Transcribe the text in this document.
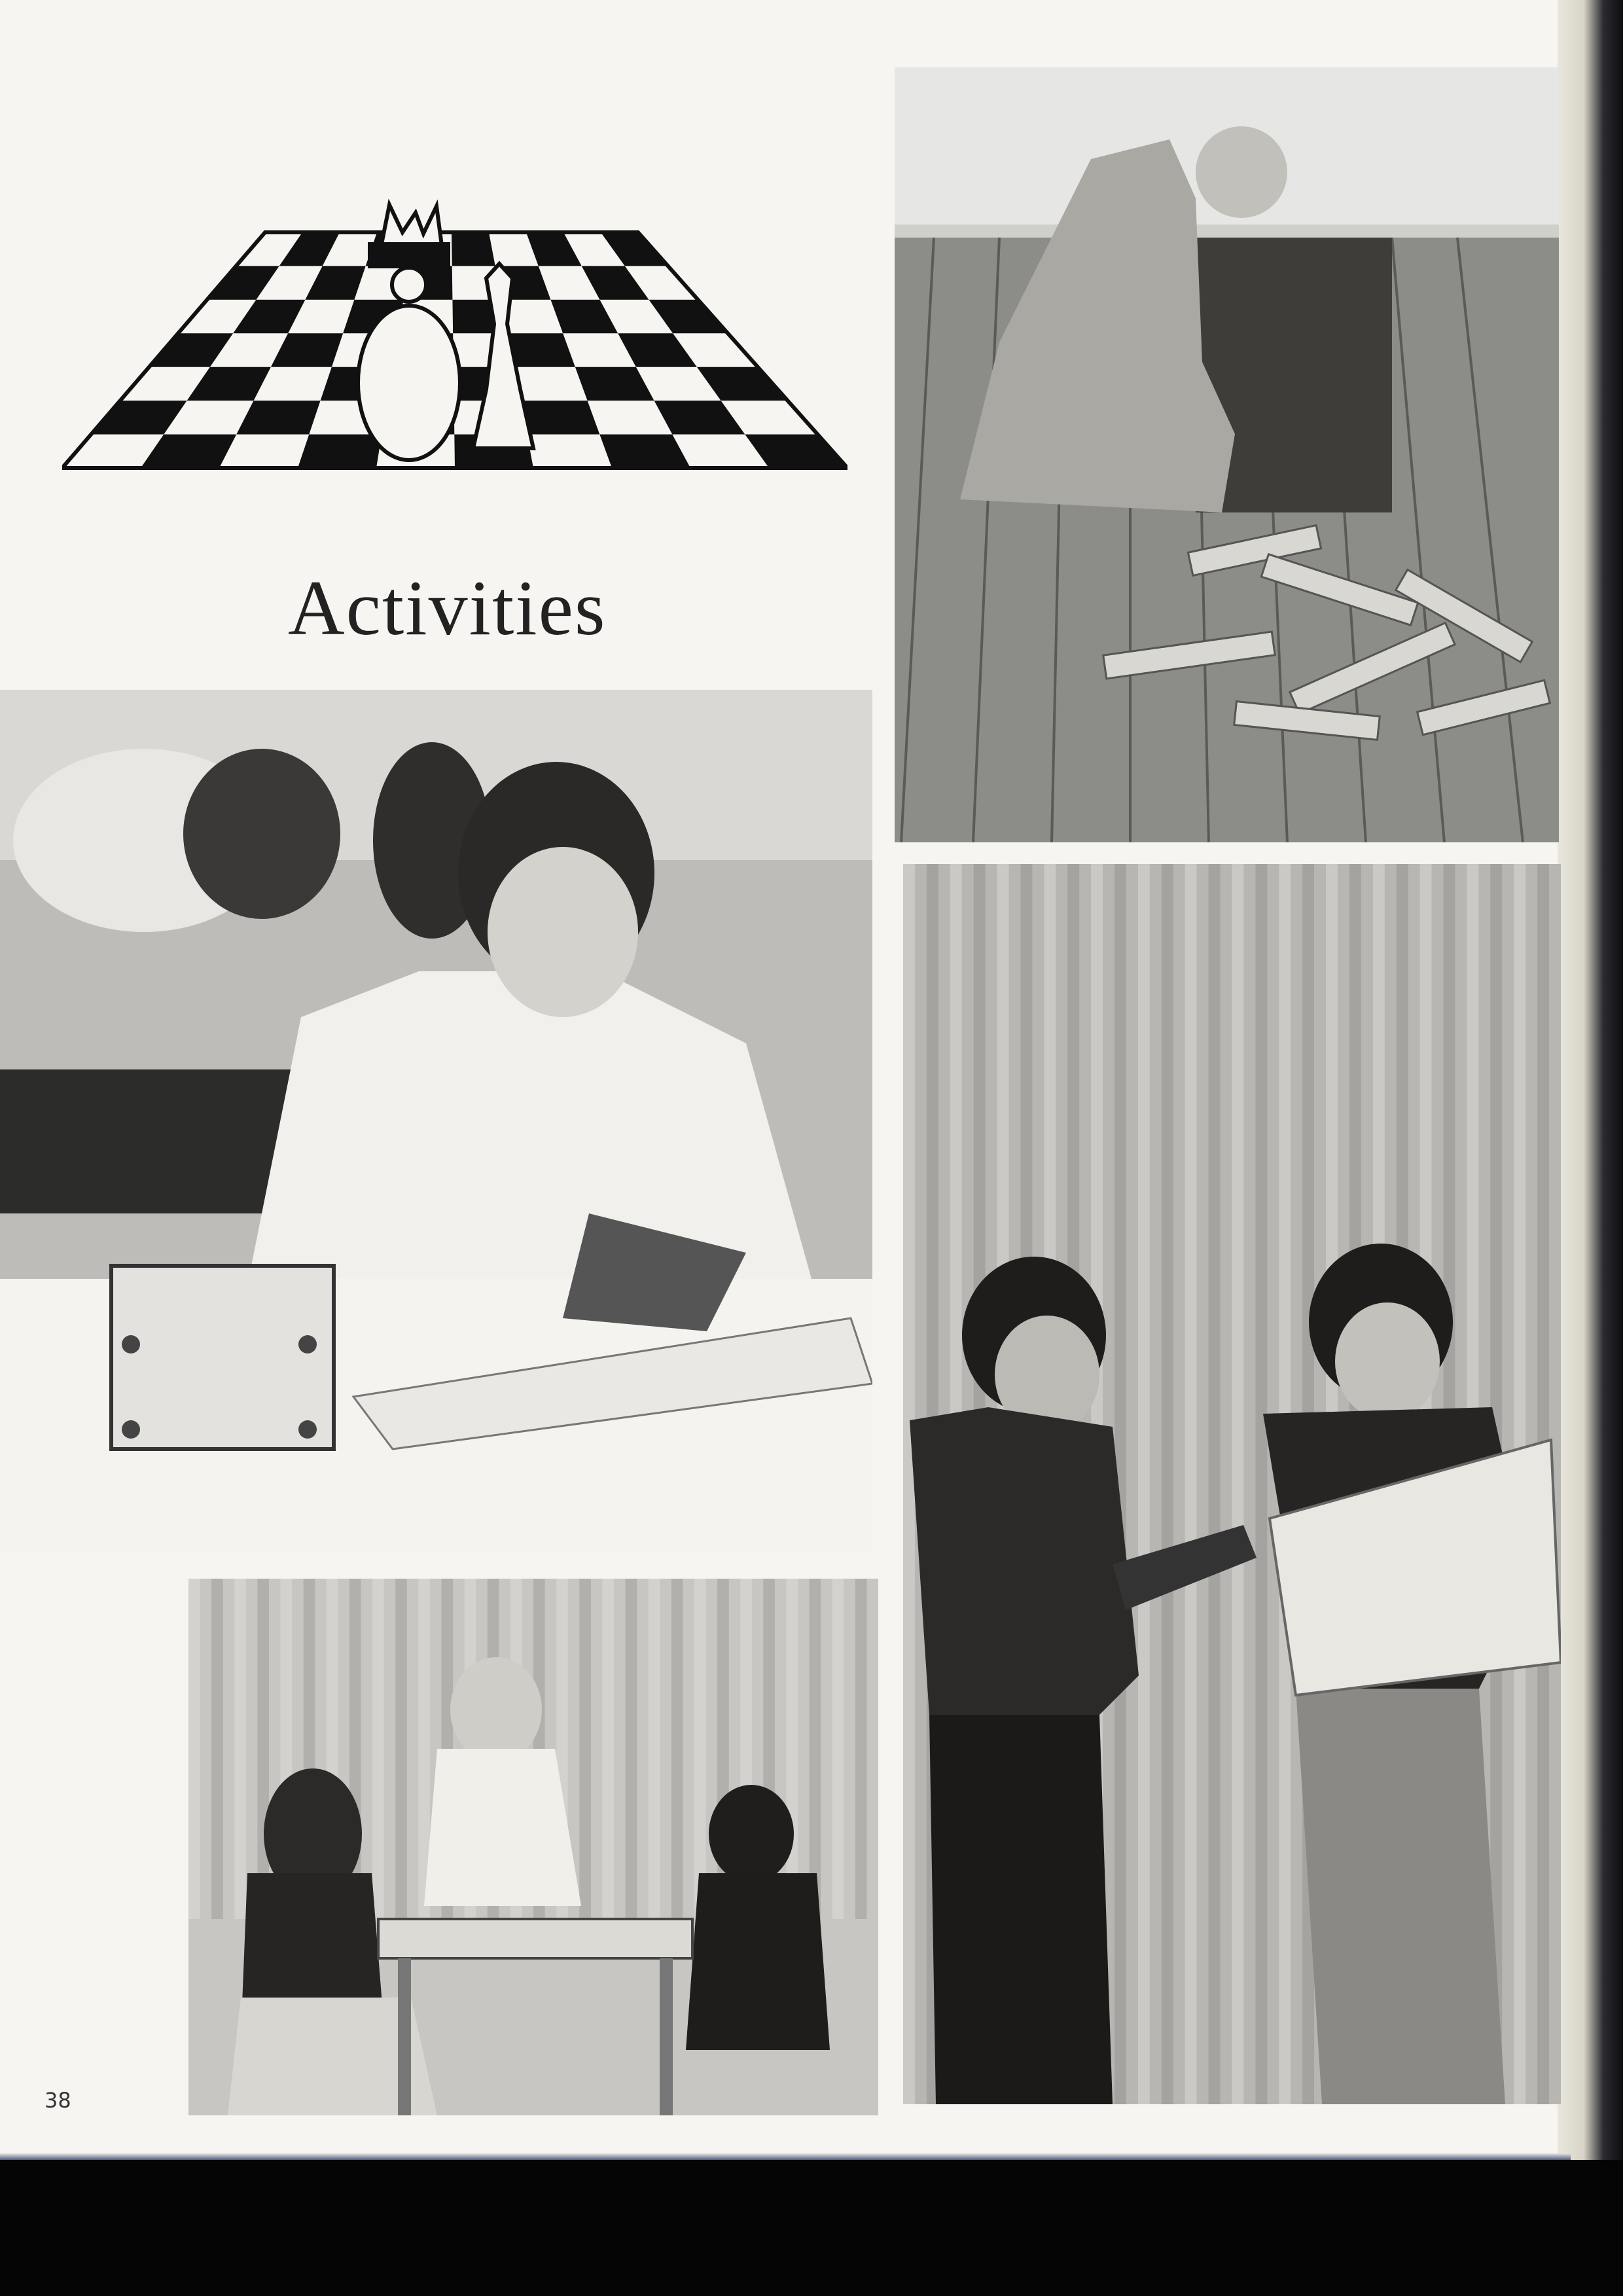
Activities
38
